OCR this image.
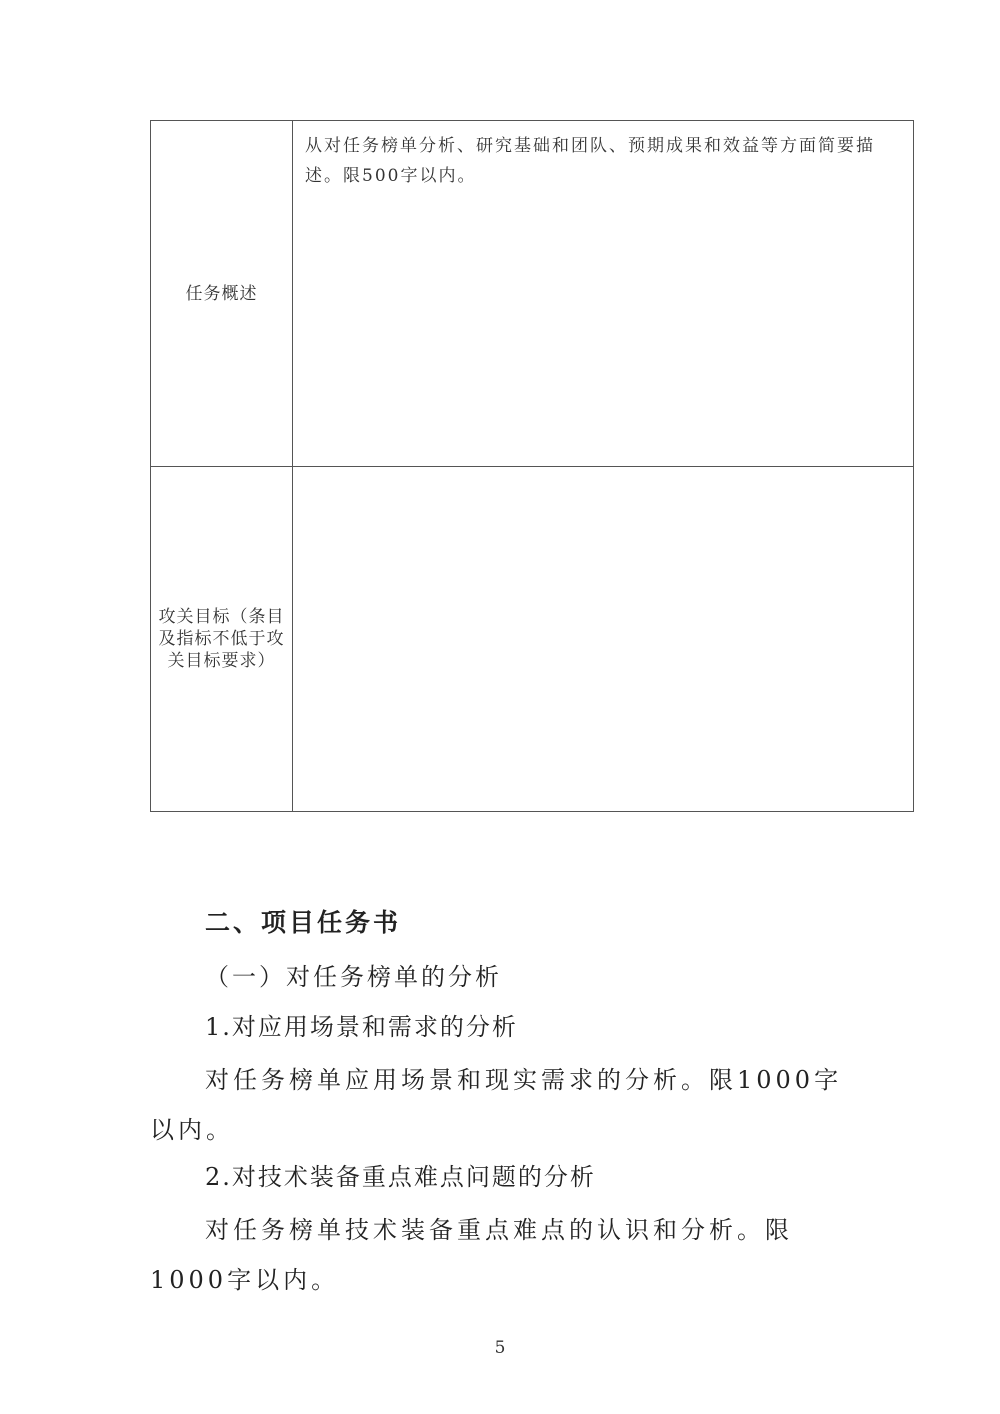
任务概述
从对任务榜单分析、研究基础和团队、预期成果和效益等方面简要描述。限500字以内。
攻关目标（条目及指标不低于攻关目标要求）
二、项目任务书
（一）对任务榜单的分析
1.对应用场景和需求的分析
对任务榜单应用场景和现实需求的分析。限1000字以内。
2.对技术装备重点难点问题的分析
对任务榜单技术装备重点难点的认识和分析。限1000字以内。
5
